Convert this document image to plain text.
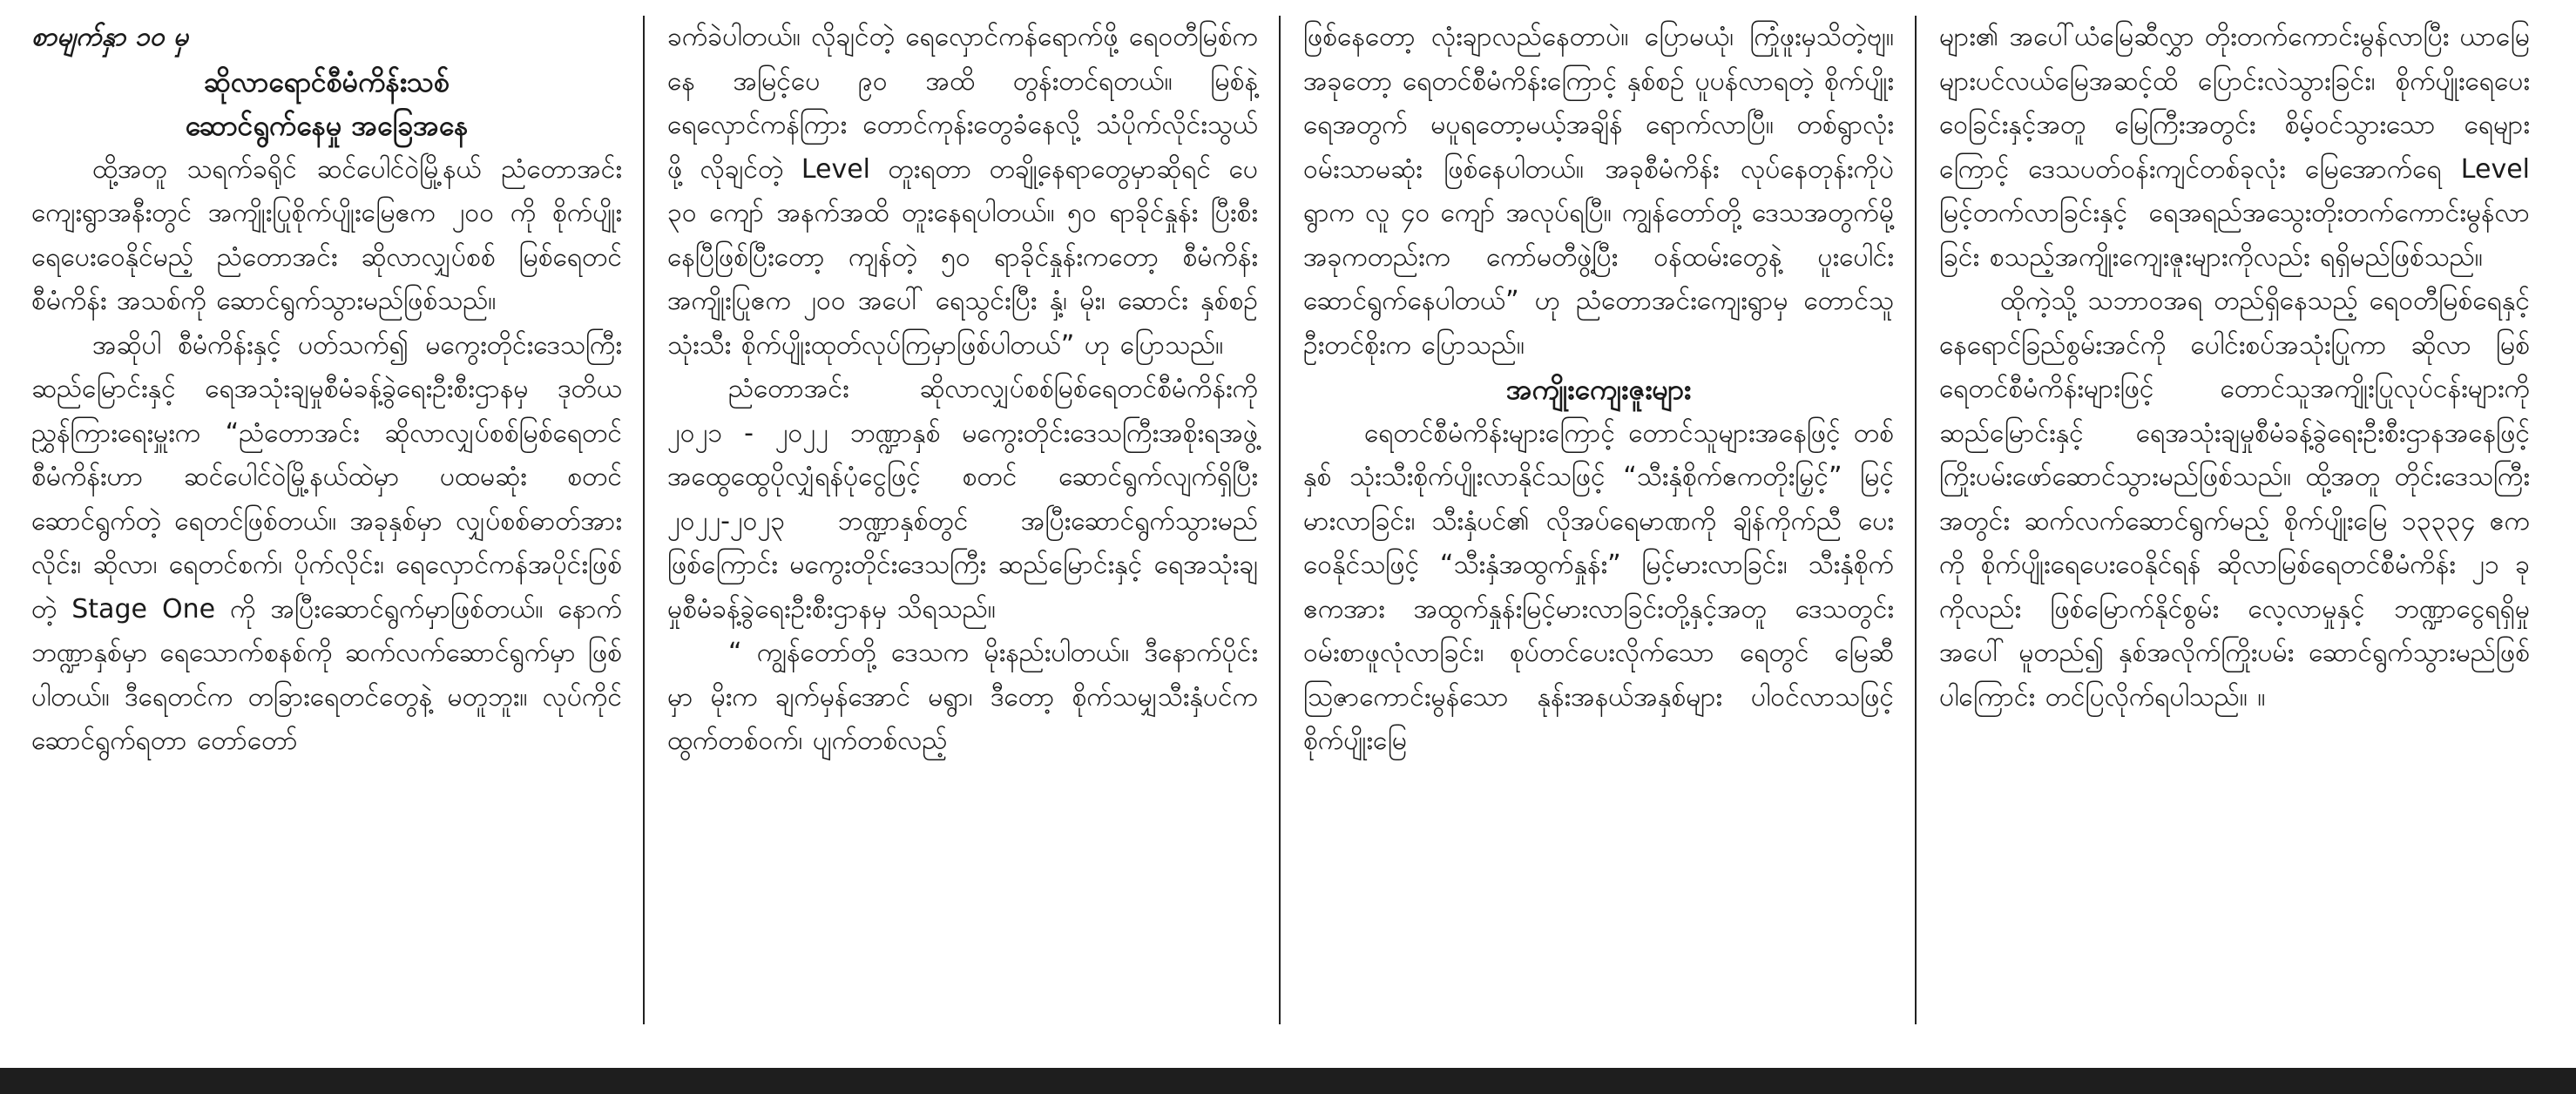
စာမျက်နှာ ၁၀ မှ

ဆိုလာရောင်စီမံကိန်းသစ်

ဆောင်ရွက်နေမှု အခြေအနေ

ထို့အတူ သရက်ခရိုင် ဆင်ပေါင်ဝဲမြို့နယ် ညံတောအင်းကျေးရွာအနီးတွင် အကျိုးပြုစိုက်ပျိုးမြေဧက ၂၀၀ ကို စိုက်ပျိုးရေပေးဝေနိုင်မည့် ညံတောအင်း ဆိုလာလျှပ်စစ် မြစ်ရေတင်စီမံကိန်း အသစ်ကို ဆောင်ရွက်သွားမည်ဖြစ်သည်။

အဆိုပါ စီမံကိန်းနှင့် ပတ်သက်၍ မကွေးတိုင်းဒေသကြီး ဆည်မြောင်းနှင့် ရေအသုံးချမှုစီမံခန့်ခွဲရေးဦးစီးဌာနမှ ဒုတိယညွှန်ကြားရေးမှူးက “ညံတောအင်း ဆိုလာလျှပ်စစ်မြစ်ရေတင်စီမံကိန်းဟာ ဆင်ပေါင်ဝဲမြို့နယ်ထဲမှာ ပထမဆုံး စတင်ဆောင်ရွက်တဲ့ ရေတင်ဖြစ်တယ်။ အခုနှစ်မှာ လျှပ်စစ်ဓာတ်အားလိုင်း၊ ဆိုလာ၊ ရေတင်စက်၊ ပိုက်လိုင်း၊ ရေလှောင်ကန်အပိုင်းဖြစ်တဲ့ Stage One ကို အပြီးဆောင်ရွက်မှာဖြစ်တယ်။ နောက် ဘဏ္ဍာနှစ်မှာ ရေသောက်စနစ်ကို ဆက်လက်ဆောင်ရွက်မှာ ဖြစ်ပါတယ်။ ဒီရေတင်က တခြားရေတင်တွေနဲ့ မတူဘူး။ လုပ်ကိုင်ဆောင်ရွက်ရတာ တော်တော်

ခက်ခဲပါတယ်။ လိုချင်တဲ့ ရေလှောင်ကန်ရောက်ဖို့ ရေဝတီမြစ်ကနေ အမြင့်ပေ ၉၀ အထိ တွန်းတင်ရတယ်။ မြစ်နဲ့ ရေလှောင်ကန်ကြား တောင်ကုန်းတွေခံနေလို့ သံပိုက်လိုင်းသွယ်ဖို့ လိုချင်တဲ့ Level တူးရတာ တချို့နေရာတွေမှာဆိုရင် ပေ ၃၀ ကျော် အနက်အထိ တူးနေရပါတယ်။ ၅၀ ရာခိုင်နှုန်း ပြီးစီးနေပြီဖြစ်ပြီးတော့ ကျန်တဲ့ ၅၀ ရာခိုင်နှုန်းကတော့ စီမံကိန်းအကျိုးပြုဧက ၂၀၀ အပေါ် ရေသွင်းပြီး နှံ့၊ မိုး၊ ဆောင်း နှစ်စဉ် သုံးသီး စိုက်ပျိုးထုတ်လုပ်ကြမှာဖြစ်ပါတယ်” ဟု ပြောသည်။

ညံတောအင်း ဆိုလာလျှပ်စစ်မြစ်ရေတင်စီမံကိန်းကို ၂၀၂၁ - ၂၀၂၂ ဘဏ္ဍာနှစ် မကွေးတိုင်းဒေသကြီးအစိုးရအဖွဲ့ အထွေထွေပိုလျှံရန်ပုံငွေဖြင့် စတင် ဆောင်ရွက်လျက်ရှိပြီး ၂၀၂၂-၂၀၂၃ ဘဏ္ဍာနှစ်တွင် အပြီးဆောင်ရွက်သွားမည်ဖြစ်ကြောင်း မကွေးတိုင်းဒေသကြီး ဆည်မြောင်းနှင့် ရေအသုံးချမှုစီမံခန့်ခွဲရေးဦးစီးဌာနမှ သိရသည်။

“ ကျွန်တော်တို့ ဒေသက မိုးနည်းပါတယ်။ ဒီနောက်ပိုင်းမှာ မိုးက ချက်မှန်အောင် မရွာ၊ ဒီတော့ စိုက်သမျှသီးနှံပင်က ထွက်တစ်ဝက်၊ ပျက်တစ်လည့်

ဖြစ်နေတော့ လုံးချာလည်နေတာပဲ။ ပြောမယုံ၊ ကြုံဖူးမှသိတဲ့ဗျ။ အခုတော့ ရေတင်စီမံကိန်းကြောင့် နှစ်စဉ် ပူပန်လာရတဲ့ စိုက်ပျိုးရေအတွက် မပူရတော့မယ့်အချိန် ရောက်လာပြီ။ တစ်ရွာလုံး ဝမ်းသာမဆုံး ဖြစ်နေပါတယ်။ အခုစီမံကိန်း လုပ်နေတုန်းကိုပဲ ရွာက လူ ၄၀ ကျော် အလုပ်ရပြီ။ ကျွန်တော်တို့ ဒေသအတွက်မို့ အခုကတည်းက ကော်မတီဖွဲ့ပြီး ဝန်ထမ်းတွေနဲ့ ပူးပေါင်း ဆောင်ရွက်နေပါတယ်” ဟု ညံတောအင်းကျေးရွာမှ တောင်သူဦးတင်စိုးက ပြောသည်။

အကျိုးကျေးဇူးများ

ရေတင်စီမံကိန်းများကြောင့် တောင်သူများအနေဖြင့် တစ်နှစ် သုံးသီးစိုက်ပျိုးလာနိုင်သဖြင့် “သီးနှံစိုက်ဧကတိုးမြှင့်” မြင့်မားလာခြင်း၊ သီးနှံပင်၏ လိုအပ်ရေမာဏကို ချိန်ကိုက်ညီ ပေးဝေနိုင်သဖြင့် “သီးနှံအထွက်နှုန်း” မြင့်မားလာခြင်း၊ သီးနှံစိုက်ဧကအား အထွက်နှုန်းမြင့်မားလာခြင်းတို့နှင့်အတူ ဒေသတွင်း ဝမ်းစာဖူလုံလာခြင်း၊ စုပ်တင်ပေးလိုက်သော ရေတွင် မြေဆီဩဇာကောင်းမွန်သော နုန်းအနယ်အနှစ်များ ပါဝင်လာသဖြင့် စိုက်ပျိုးမြေ

များ၏ အပေါ်ယံမြေဆီလွှာ တိုးတက်ကောင်းမွန်လာပြီး ယာမြေများပင်လယ်မြေအဆင့်ထိ ပြောင်းလဲသွားခြင်း၊ စိုက်ပျိုးရေပေးဝေခြင်းနှင့်အတူ မြေကြီးအတွင်း စိမ့်ဝင်သွားသော ရေများကြောင့် ဒေသပတ်ဝန်းကျင်တစ်ခုလုံး မြေအောက်ရေ Level မြင့်တက်လာခြင်းနှင့် ရေအရည်အသွေးတိုးတက်ကောင်းမွန်လာခြင်း စသည့်အကျိုးကျေးဇူးများကိုလည်း ရရှိမည်ဖြစ်သည်။

ထိုကဲ့သို့ သဘာဝအရ တည်ရှိနေသည့် ရေဝတီမြစ်ရေနှင့် နေရောင်ခြည်စွမ်းအင်ကို ပေါင်းစပ်အသုံးပြုကာ ဆိုလာ မြစ်ရေတင်စီမံကိန်းများဖြင့် တောင်သူအကျိုးပြုလုပ်ငန်းများကို ဆည်မြောင်းနှင့် ရေအသုံးချမှုစီမံခန့်ခွဲရေးဦးစီးဌာနအနေဖြင့် ကြိုးပမ်းဖော်ဆောင်သွားမည်ဖြစ်သည်။ ထို့အတူ တိုင်းဒေသကြီးအတွင်း ဆက်လက်ဆောင်ရွက်မည့် စိုက်ပျိုးမြေ ၁၃၃၃၄ ဧကကို စိုက်ပျိုးရေပေးဝေနိုင်ရန် ဆိုလာမြစ်ရေတင်စီမံကိန်း ၂၁ ခုကိုလည်း ဖြစ်မြောက်နိုင်စွမ်း လေ့လာမှုနှင့် ဘဏ္ဍာငွေရရှိမှုအပေါ် မူတည်၍ နှစ်အလိုက်ကြိုးပမ်း ဆောင်ရွက်သွားမည်ဖြစ်ပါကြောင်း တင်ပြလိုက်ရပါသည်။ ။
